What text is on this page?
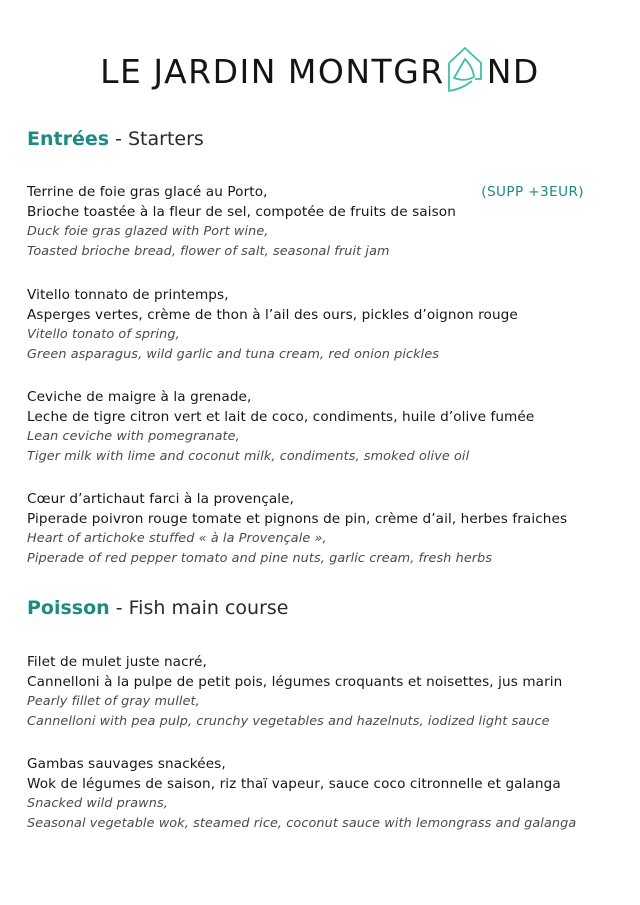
LE JARDIN MONTGR ND
Entrées - Starters
Terrine de foie gras glacé au Porto,
Brioche toastée à la fleur de sel, compotée de fruits de saison
Duck foie gras glazed with Port wine,
Toasted brioche bread, flower of salt, seasonal fruit jam
(SUPP +3EUR)
Vitello tonnato de printemps,
Asperges vertes, crème de thon à l’ail des ours, pickles d’oignon rouge
Vitello tonato of spring,
Green asparagus, wild garlic and tuna cream, red onion pickles
Ceviche de maigre à la grenade,
Leche de tigre citron vert et lait de coco, condiments, huile d’olive fumée
Lean ceviche with pomegranate,
Tiger milk with lime and coconut milk, condiments, smoked olive oil
Cœur d’artichaut farci à la provençale,
Piperade poivron rouge tomate et pignons de pin, crème d’ail, herbes fraiches
Heart of artichoke stuffed « à la Provençale »,
Piperade of red pepper tomato and pine nuts, garlic cream, fresh herbs
Poisson - Fish main course
Filet de mulet juste nacré,
Cannelloni à la pulpe de petit pois, légumes croquants et noisettes, jus marin
Pearly fillet of gray mullet,
Cannelloni with pea pulp, crunchy vegetables and hazelnuts, iodized light sauce
Gambas sauvages snackées,
Wok de légumes de saison, riz thaï vapeur, sauce coco citronnelle et galanga
Snacked wild prawns,
Seasonal vegetable wok, steamed rice, coconut sauce with lemongrass and galanga
